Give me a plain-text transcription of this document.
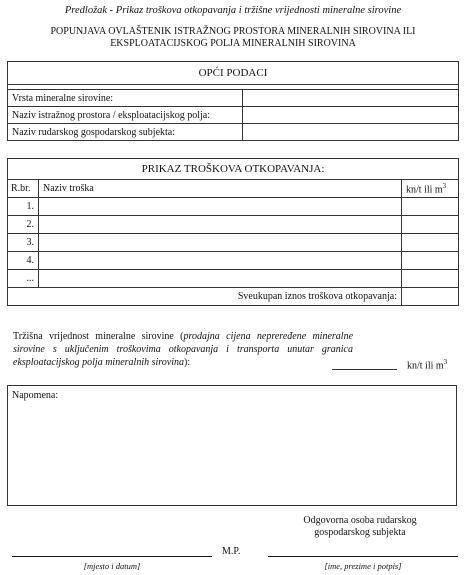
Predložak - Prikaz troškova otkopavanja i tržišne vrijednosti mineralne sirovine
POPUNJAVA OVLAŠTENIK ISTRAŽNOG PROSTORA MINERALNIH SIROVINA ILI
EKSPLOATACIJSKOG POLJA MINERALNIH SIROVINA
OPĆI PODACI	

Vrsta mineralne sirovine:	
Naziv istražnog prostora / eksploatacijskog polja:	
Naziv rudarskog gospodarskog subjekta:	
PRIKAZ TROŠKOVA OTKOPAVANJA:		
R.br.	Naziv troška	kn/t ili $m^3$
1.		
2.		
3.		
4.		
...		
Sveukupan iznos troškova otkopavanja:		
Tržišna vrijednost mineralne sirovine (prodajna cijena nepreređene mineralne sirovine s uključenim troškovima otkopavanja i transporta unutar granica eksploatacijskog polja mineralnih sirovina):	kn/t ili $m^3$
Napomena:
Odgovorna osoba rudarskog
gospodarskog subjekta
[mjesto i datum]
M.P.
[ime, prezime i potpis]
